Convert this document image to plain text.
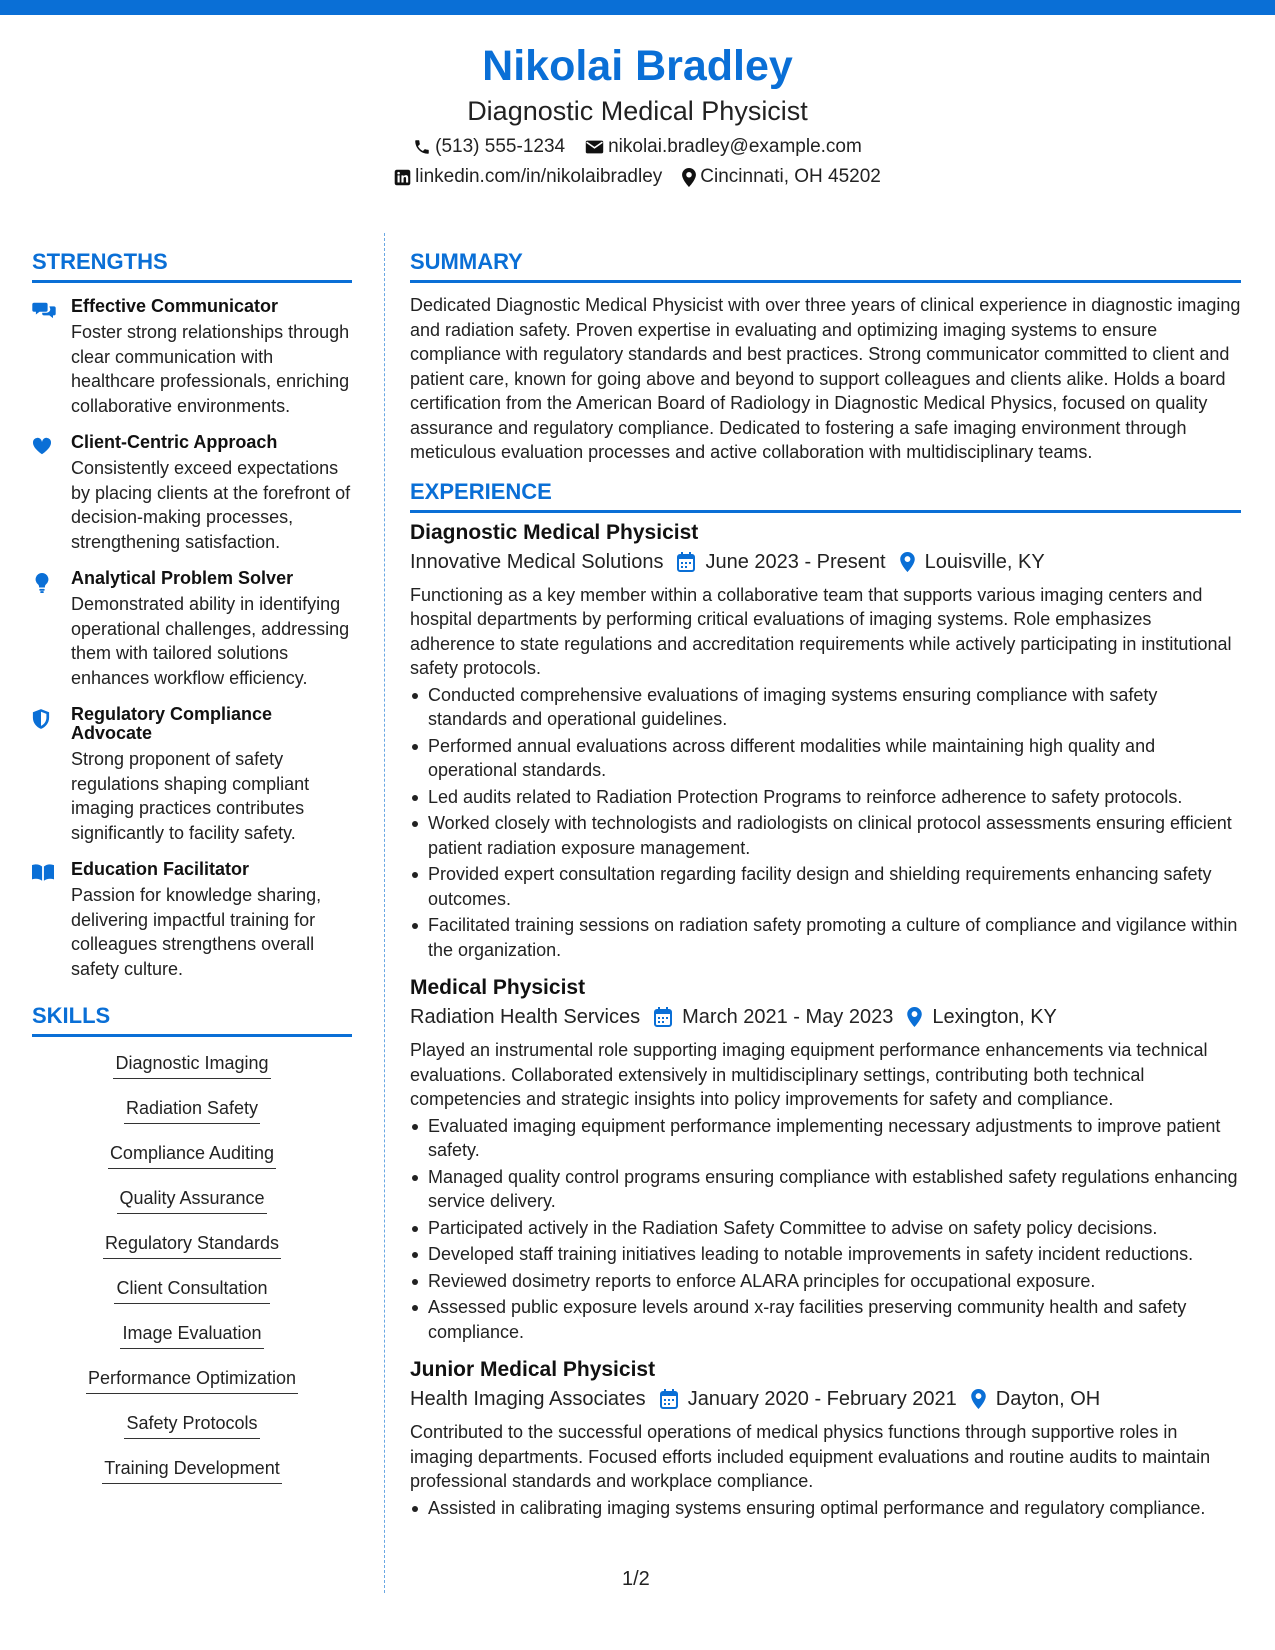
Nikolai Bradley
Diagnostic Medical Physicist
(513) 555-1234 nikolai.bradley@example.com
linkedin.com/in/nikolaibradley Cincinnati, OH 45202
STRENGTHS
Effective Communicator
Foster strong relationships through clear communication with healthcare professionals, enriching collaborative environments.
Client-Centric Approach
Consistently exceed expectations by placing clients at the forefront of decision-making processes, strengthening satisfaction.
Analytical Problem Solver
Demonstrated ability in identifying operational challenges, addressing them with tailored solutions enhances workflow efficiency.
Regulatory Compliance Advocate
Strong proponent of safety regulations shaping compliant imaging practices contributes significantly to facility safety.
Education Facilitator
Passion for knowledge sharing, delivering impactful training for colleagues strengthens overall safety culture.
SKILLS
Diagnostic Imaging
Radiation Safety
Compliance Auditing
Quality Assurance
Regulatory Standards
Client Consultation
Image Evaluation
Performance Optimization
Safety Protocols
Training Development
SUMMARY
Dedicated Diagnostic Medical Physicist with over three years of clinical experience in diagnostic imaging and radiation safety. Proven expertise in evaluating and optimizing imaging systems to ensure compliance with regulatory standards and best practices. Strong communicator committed to client and patient care, known for going above and beyond to support colleagues and clients alike. Holds a board certification from the American Board of Radiology in Diagnostic Medical Physics, focused on quality assurance and regulatory compliance. Dedicated to fostering a safe imaging environment through meticulous evaluation processes and active collaboration with multidisciplinary teams.
EXPERIENCE
Diagnostic Medical Physicist
Innovative Medical Solutions June 2023 - Present Louisville, KY
Functioning as a key member within a collaborative team that supports various imaging centers and hospital departments by performing critical evaluations of imaging systems. Role emphasizes adherence to state regulations and accreditation requirements while actively participating in institutional safety protocols.
Conducted comprehensive evaluations of imaging systems ensuring compliance with safety standards and operational guidelines.
Performed annual evaluations across different modalities while maintaining high quality and operational standards.
Led audits related to Radiation Protection Programs to reinforce adherence to safety protocols.
Worked closely with technologists and radiologists on clinical protocol assessments ensuring efficient patient radiation exposure management.
Provided expert consultation regarding facility design and shielding requirements enhancing safety outcomes.
Facilitated training sessions on radiation safety promoting a culture of compliance and vigilance within the organization.
Medical Physicist
Radiation Health Services March 2021 - May 2023 Lexington, KY
Played an instrumental role supporting imaging equipment performance enhancements via technical evaluations. Collaborated extensively in multidisciplinary settings, contributing both technical competencies and strategic insights into policy improvements for safety and compliance.
Evaluated imaging equipment performance implementing necessary adjustments to improve patient safety.
Managed quality control programs ensuring compliance with established safety regulations enhancing service delivery.
Participated actively in the Radiation Safety Committee to advise on safety policy decisions.
Developed staff training initiatives leading to notable improvements in safety incident reductions.
Reviewed dosimetry reports to enforce ALARA principles for occupational exposure.
Assessed public exposure levels around x-ray facilities preserving community health and safety compliance.
Junior Medical Physicist
Health Imaging Associates January 2020 - February 2021 Dayton, OH
Contributed to the successful operations of medical physics functions through supportive roles in imaging departments. Focused efforts included equipment evaluations and routine audits to maintain professional standards and workplace compliance.
Assisted in calibrating imaging systems ensuring optimal performance and regulatory compliance.
1/2
